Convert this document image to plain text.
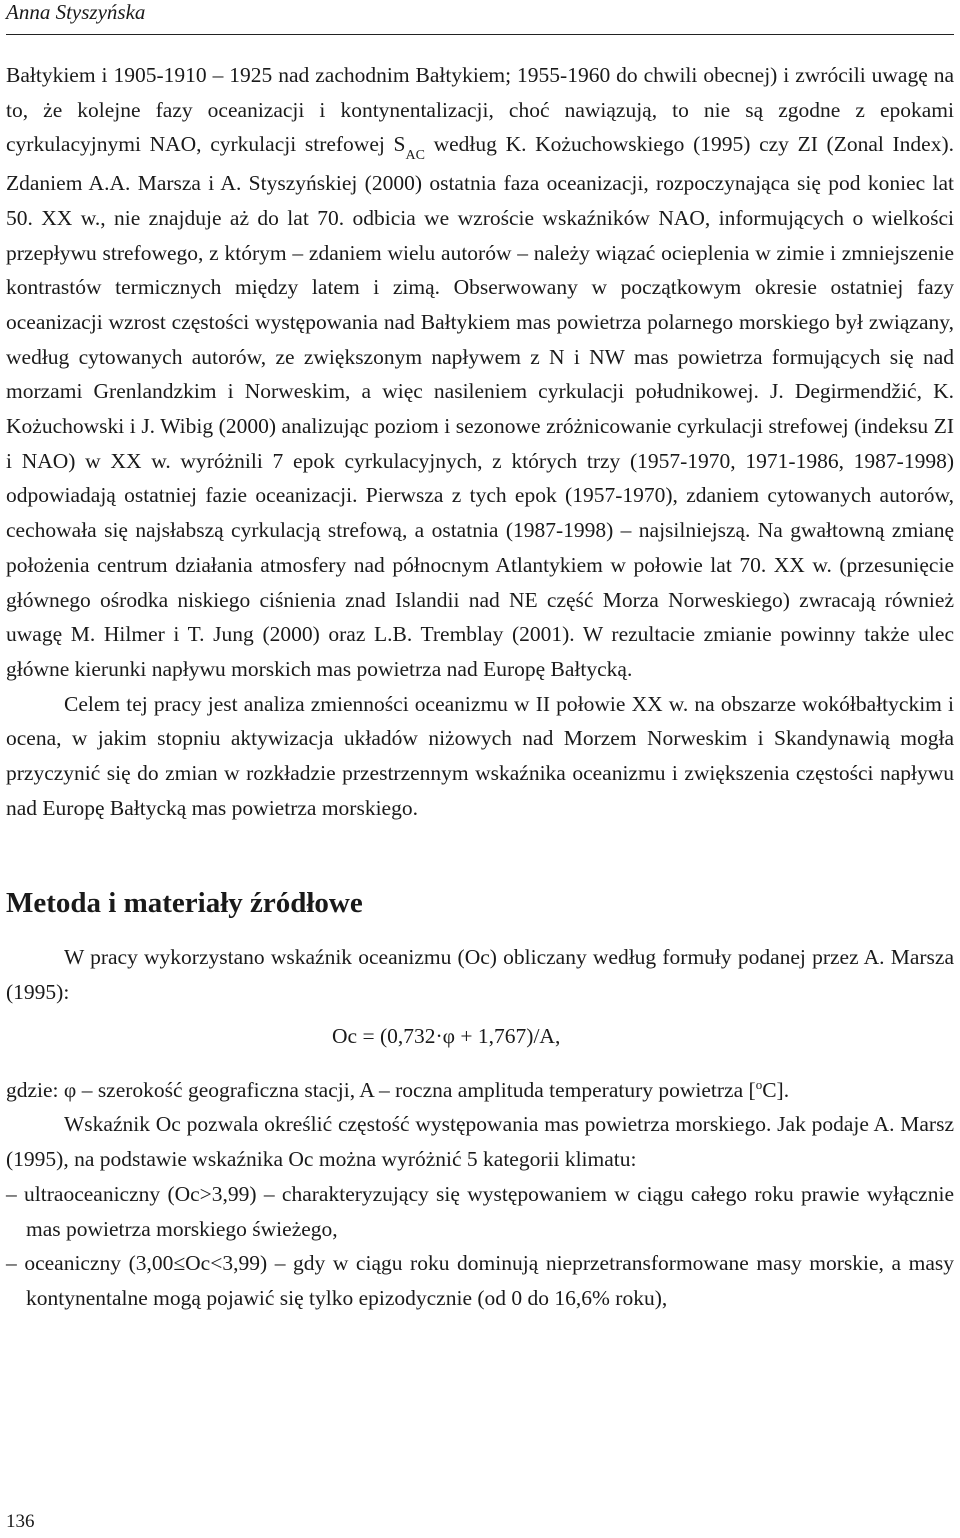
Anna Styszyńska

Bałtykiem i 1905-1910 – 1925 nad zachodnim Bałtykiem; 1955-1960 do chwili obecnej) i zwrócili uwagę na to, że kolejne fazy oceanizacji i kontynentalizacji, choć nawiązują, to nie są zgodne z epokami cyrkulacyjnymi NAO, cyrkulacji strefowej $S_{AC}$ według K. Kożuchowskiego (1995) czy ZI (Zonal Index). Zdaniem A.A. Marsza i A. Styszyńskiej (2000) ostatnia faza oceanizacji, rozpoczynająca się pod koniec lat 50. XX w., nie znajduje aż do lat 70. odbicia we wzroście wskaźników NAO, informujących o wielkości przepływu strefowego, z którym – zdaniem wielu autorów – należy wiązać ocieplenia w zimie i zmniejszenie kontrastów termicznych między latem i zimą. Obserwowany w początkowym okresie ostatniej fazy oceanizacji wzrost częstości występowania nad Bałtykiem mas powietrza polarnego morskiego był związany, według cytowanych autorów, ze zwiększonym napływem z N i NW mas powietrza formujących się nad morzami Grenlandzkim i Norweskim, a więc nasileniem cyrkulacji południkowej. J. Degirmendžić, K. Kożuchowski i J. Wibig (2000) analizując poziom i sezonowe zróżnicowanie cyrkulacji strefowej (indeksu ZI i NAO) w XX w. wyróżnili 7 epok cyrkulacyjnych, z których trzy (1957-1970, 1971-1986, 1987-1998) odpowiadają ostatniej fazie oceanizacji. Pierwsza z tych epok (1957-1970), zdaniem cytowanych autorów, cechowała się najsłabszą cyrkulacją strefową, a ostatnia (1987-1998) – najsilniejszą. Na gwałtowną zmianę położenia centrum działania atmosfery nad północnym Atlantykiem w połowie lat 70. XX w. (przesunięcie głównego ośrodka niskiego ciśnienia znad Islandii nad NE część Morza Norweskiego) zwracają również uwagę M. Hilmer i T. Jung (2000) oraz L.B. Tremblay (2001). W rezultacie zmianie powinny także ulec główne kierunki napływu morskich mas powietrza nad Europę Bałtycką.

Celem tej pracy jest analiza zmienności oceanizmu w II połowie XX w. na obszarze wokółbałtyckim i ocena, w jakim stopniu aktywizacja układów niżowych nad Morzem Norweskim i Skandynawią mogła przyczynić się do zmian w rozkładzie przestrzennym wskaźnika oceanizmu i zwiększenia częstości napływu nad Europę Bałtycką mas powietrza morskiego.

Metoda i materiały źródłowe

W pracy wykorzystano wskaźnik oceanizmu (Oc) obliczany według formuły podanej przez A. Marsza (1995):

Oc = (0,732·φ + 1,767)/A,

gdzie: φ – szerokość geograficzna stacji, A – roczna amplituda temperatury powietrza [$^o$C].

Wskaźnik Oc pozwala określić częstość występowania mas powietrza morskiego. Jak podaje A. Marsz (1995), na podstawie wskaźnika Oc można wyróżnić 5 kategorii klimatu:

– ultraoceaniczny (Oc>3,99) – charakteryzujący się występowaniem w ciągu całego roku prawie wyłącznie mas powietrza morskiego świeżego,

– oceaniczny (3,00≤Oc<3,99) – gdy w ciągu roku dominują nieprzetransformowane masy morskie, a masy kontynentalne mogą pojawić się tylko epizodycznie (od 0 do 16,6% roku),

136
